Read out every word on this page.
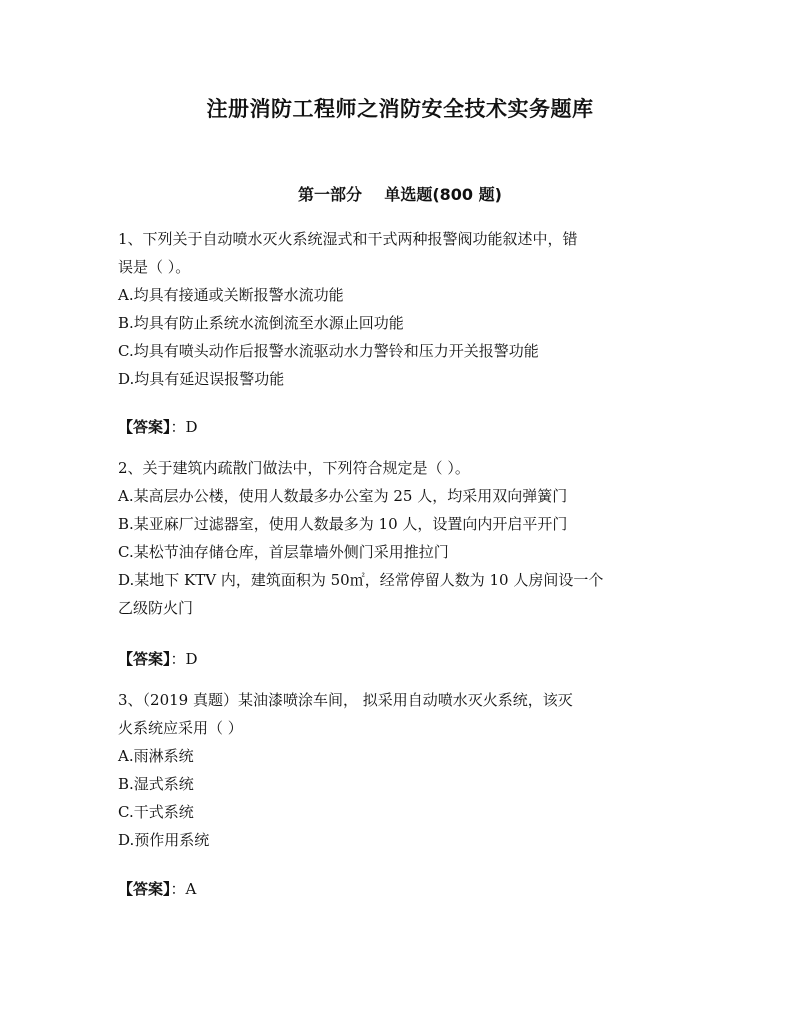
注册消防工程师之消防安全技术实务题库
第一部分    单选题(800 题)
1、下列关于自动喷水灭火系统湿式和干式两种报警阀功能叙述中，错
误是（ ）。
A.均具有接通或关断报警水流功能
B.均具有防止系统水流倒流至水源止回功能
C.均具有喷头动作后报警水流驱动水力警铃和压力开关报警功能
D.均具有延迟误报警功能
【答案】：D
2、关于建筑内疏散门做法中，下列符合规定是（ ）。
A.某高层办公楼，使用人数最多办公室为 25 人，均采用双向弹簧门
B.某亚麻厂过滤器室，使用人数最多为 10 人，设置向内开启平开门
C.某松节油存储仓库，首层靠墙外侧门采用推拉门
D.某地下 KTV 内，建筑面积为 50㎡，经常停留人数为 10 人房间设一个
乙级防火门
【答案】：D
3、（2019 真题）某油漆喷涂车间， 拟采用自动喷水灭火系统，该灭
火系统应采用（ ）
A.雨淋系统
B.湿式系统
C.干式系统
D.预作用系统
【答案】：A
